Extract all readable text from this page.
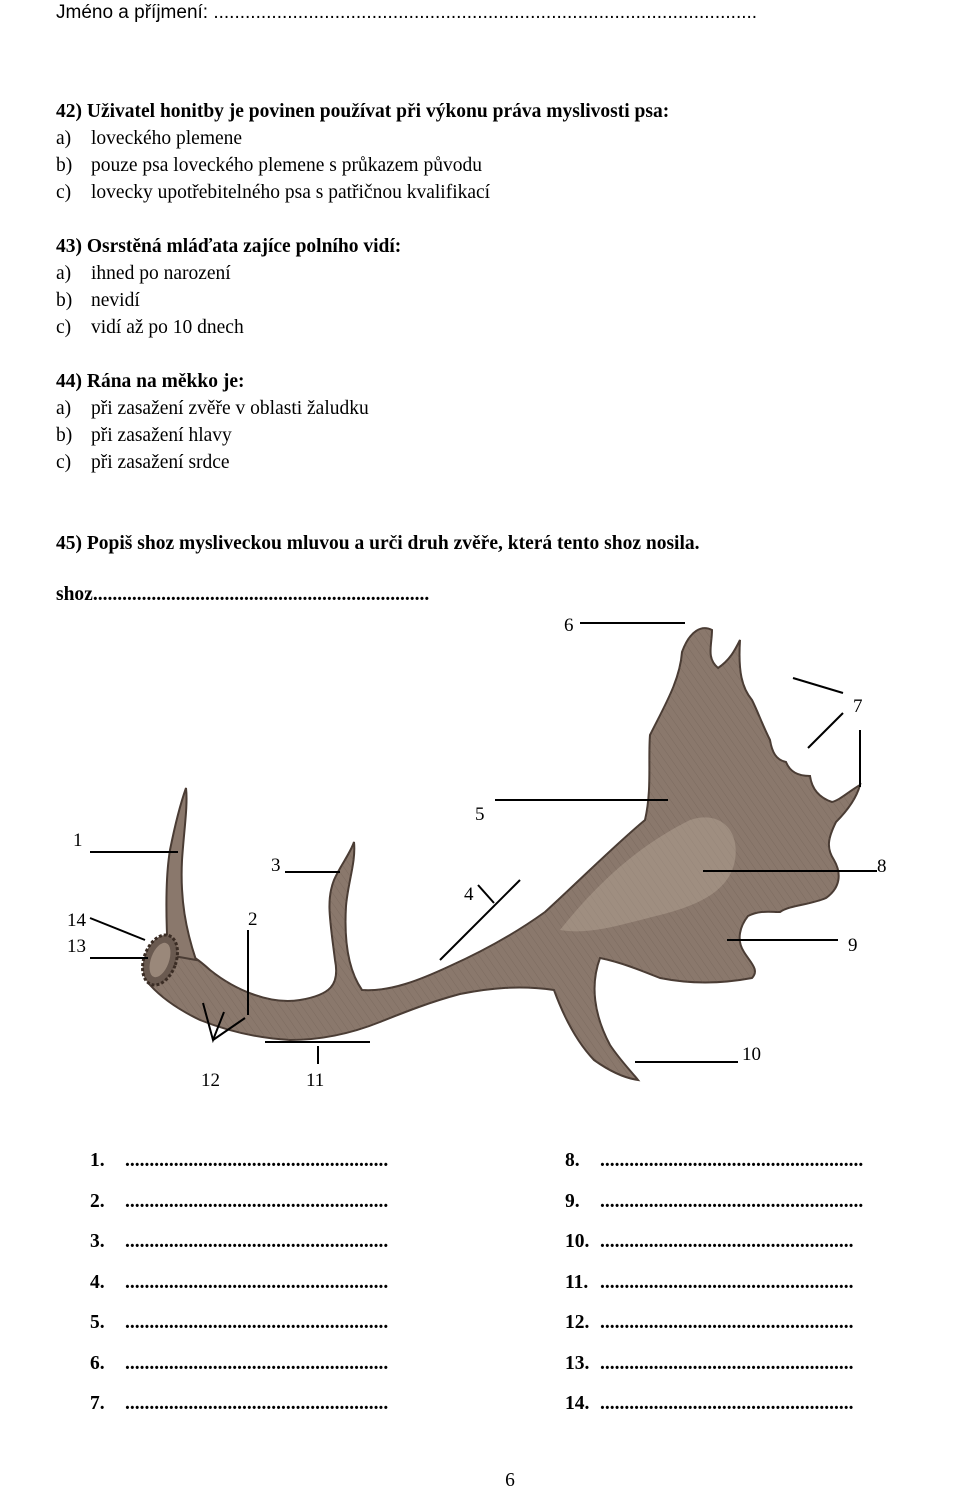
Jméno a příjmení: .......................................................................................................
42) Uživatel honitby je povinen používat při výkonu práva myslivosti psa:
a) loveckého plemene
b) pouze psa loveckého plemene s průkazem původu
c) lovecky upotřebitelného psa s patřičnou kvalifikací
43) Osrstěná mláďata zajíce polního vidí:
a) ihned po narození
b) nevidí
c) vidí až po 10 dnech
44) Rána na měkko je:
a) při zasažení zvěře v oblasti žaludku
b) při zasažení hlavy
c) při zasažení srdce
45) Popiš shoz mysliveckou mluvou a urči druh zvěře, která tento shoz nosila.
shoz.....................................................................
1
2
3
4
5
6
7
8
9
10
11
12
13
14
1. ......................................................
2. ......................................................
3. ......................................................
4. ......................................................
5. ......................................................
6. ......................................................
7. ......................................................
8. ......................................................
9. ......................................................
10. ....................................................
11. ....................................................
12. ....................................................
13. ....................................................
14. ....................................................
6
